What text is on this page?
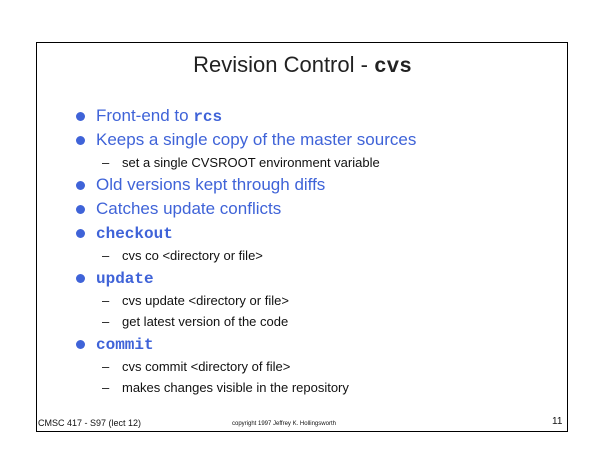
Revision Control - cvs
Front-end to rcs
Keeps a single copy of the master sources
– set a single CVSROOT environment variable
Old versions kept through diffs
Catches update conflicts
checkout
– cvs co <directory or file>
update
– cvs update <directory or file>
– get latest version of the code
commit
– cvs commit <directory of file>
– makes changes visible in the repository
CMSC 417 - S97 (lect 12)	copyright 1997 Jeffrey K. Hollingsworth	11
